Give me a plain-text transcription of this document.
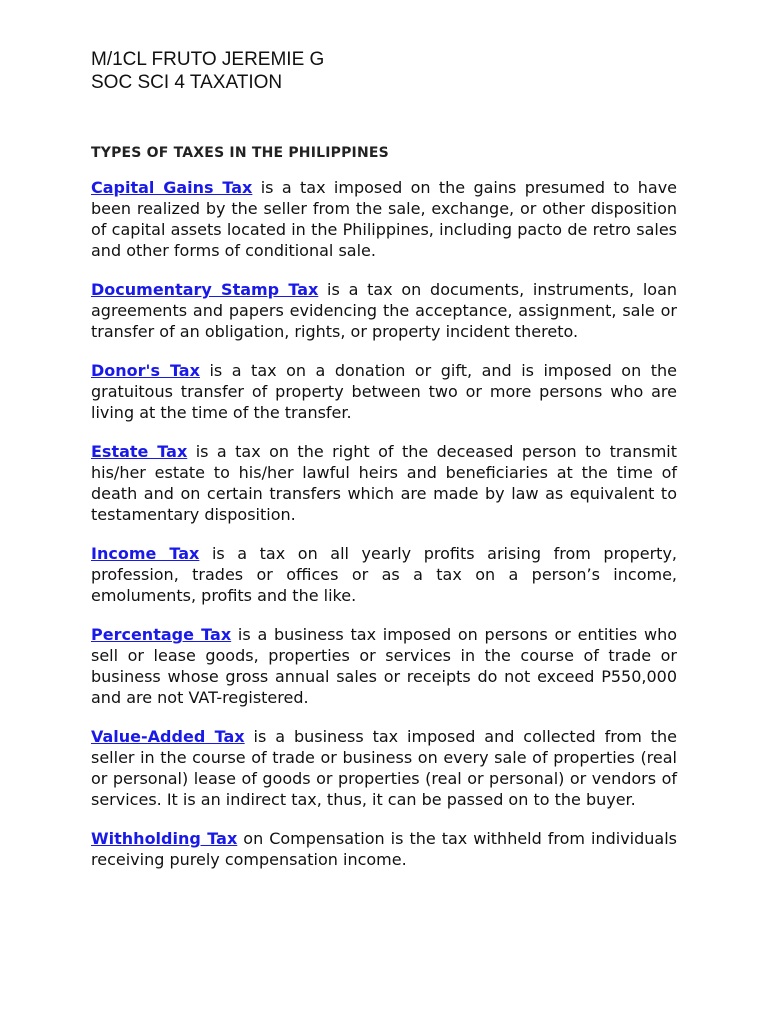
M/1CL FRUTO JEREMIE G

SOC SCI 4 TAXATION

TYPES OF TAXES IN THE PHILIPPINES

Capital Gains Tax is a tax imposed on the gains presumed to have been realized by the seller from the sale, exchange, or other disposition of capital assets located in the Philippines, including pacto de retro sales and other forms of conditional sale.

Documentary Stamp Tax is a tax on documents, instruments, loan agreements and papers evidencing the acceptance, assignment, sale or transfer of an obligation, rights, or property incident thereto.

Donor's Tax is a tax on a donation or gift, and is imposed on the gratuitous transfer of property between two or more persons who are living at the time of the transfer.

Estate Tax is a tax on the right of the deceased person to transmit his/her estate to his/her lawful heirs and beneficiaries at the time of death and on certain transfers which are made by law as equivalent to testamentary disposition.

Income Tax is a tax on all yearly profits arising from property, profession, trades or offices or as a tax on a person’s income, emoluments, profits and the like.

Percentage Tax is a business tax imposed on persons or entities who sell or lease goods, properties or services in the course of trade or business whose gross annual sales or receipts do not exceed P550,000 and are not VAT-registered.

Value-Added Tax is a business tax imposed and collected from the seller in the course of trade or business on every sale of properties (real or personal) lease of goods or properties (real or personal) or vendors of services. It is an indirect tax, thus, it can be passed on to the buyer.

Withholding Tax on Compensation is the tax withheld from individuals receiving purely compensation income.
